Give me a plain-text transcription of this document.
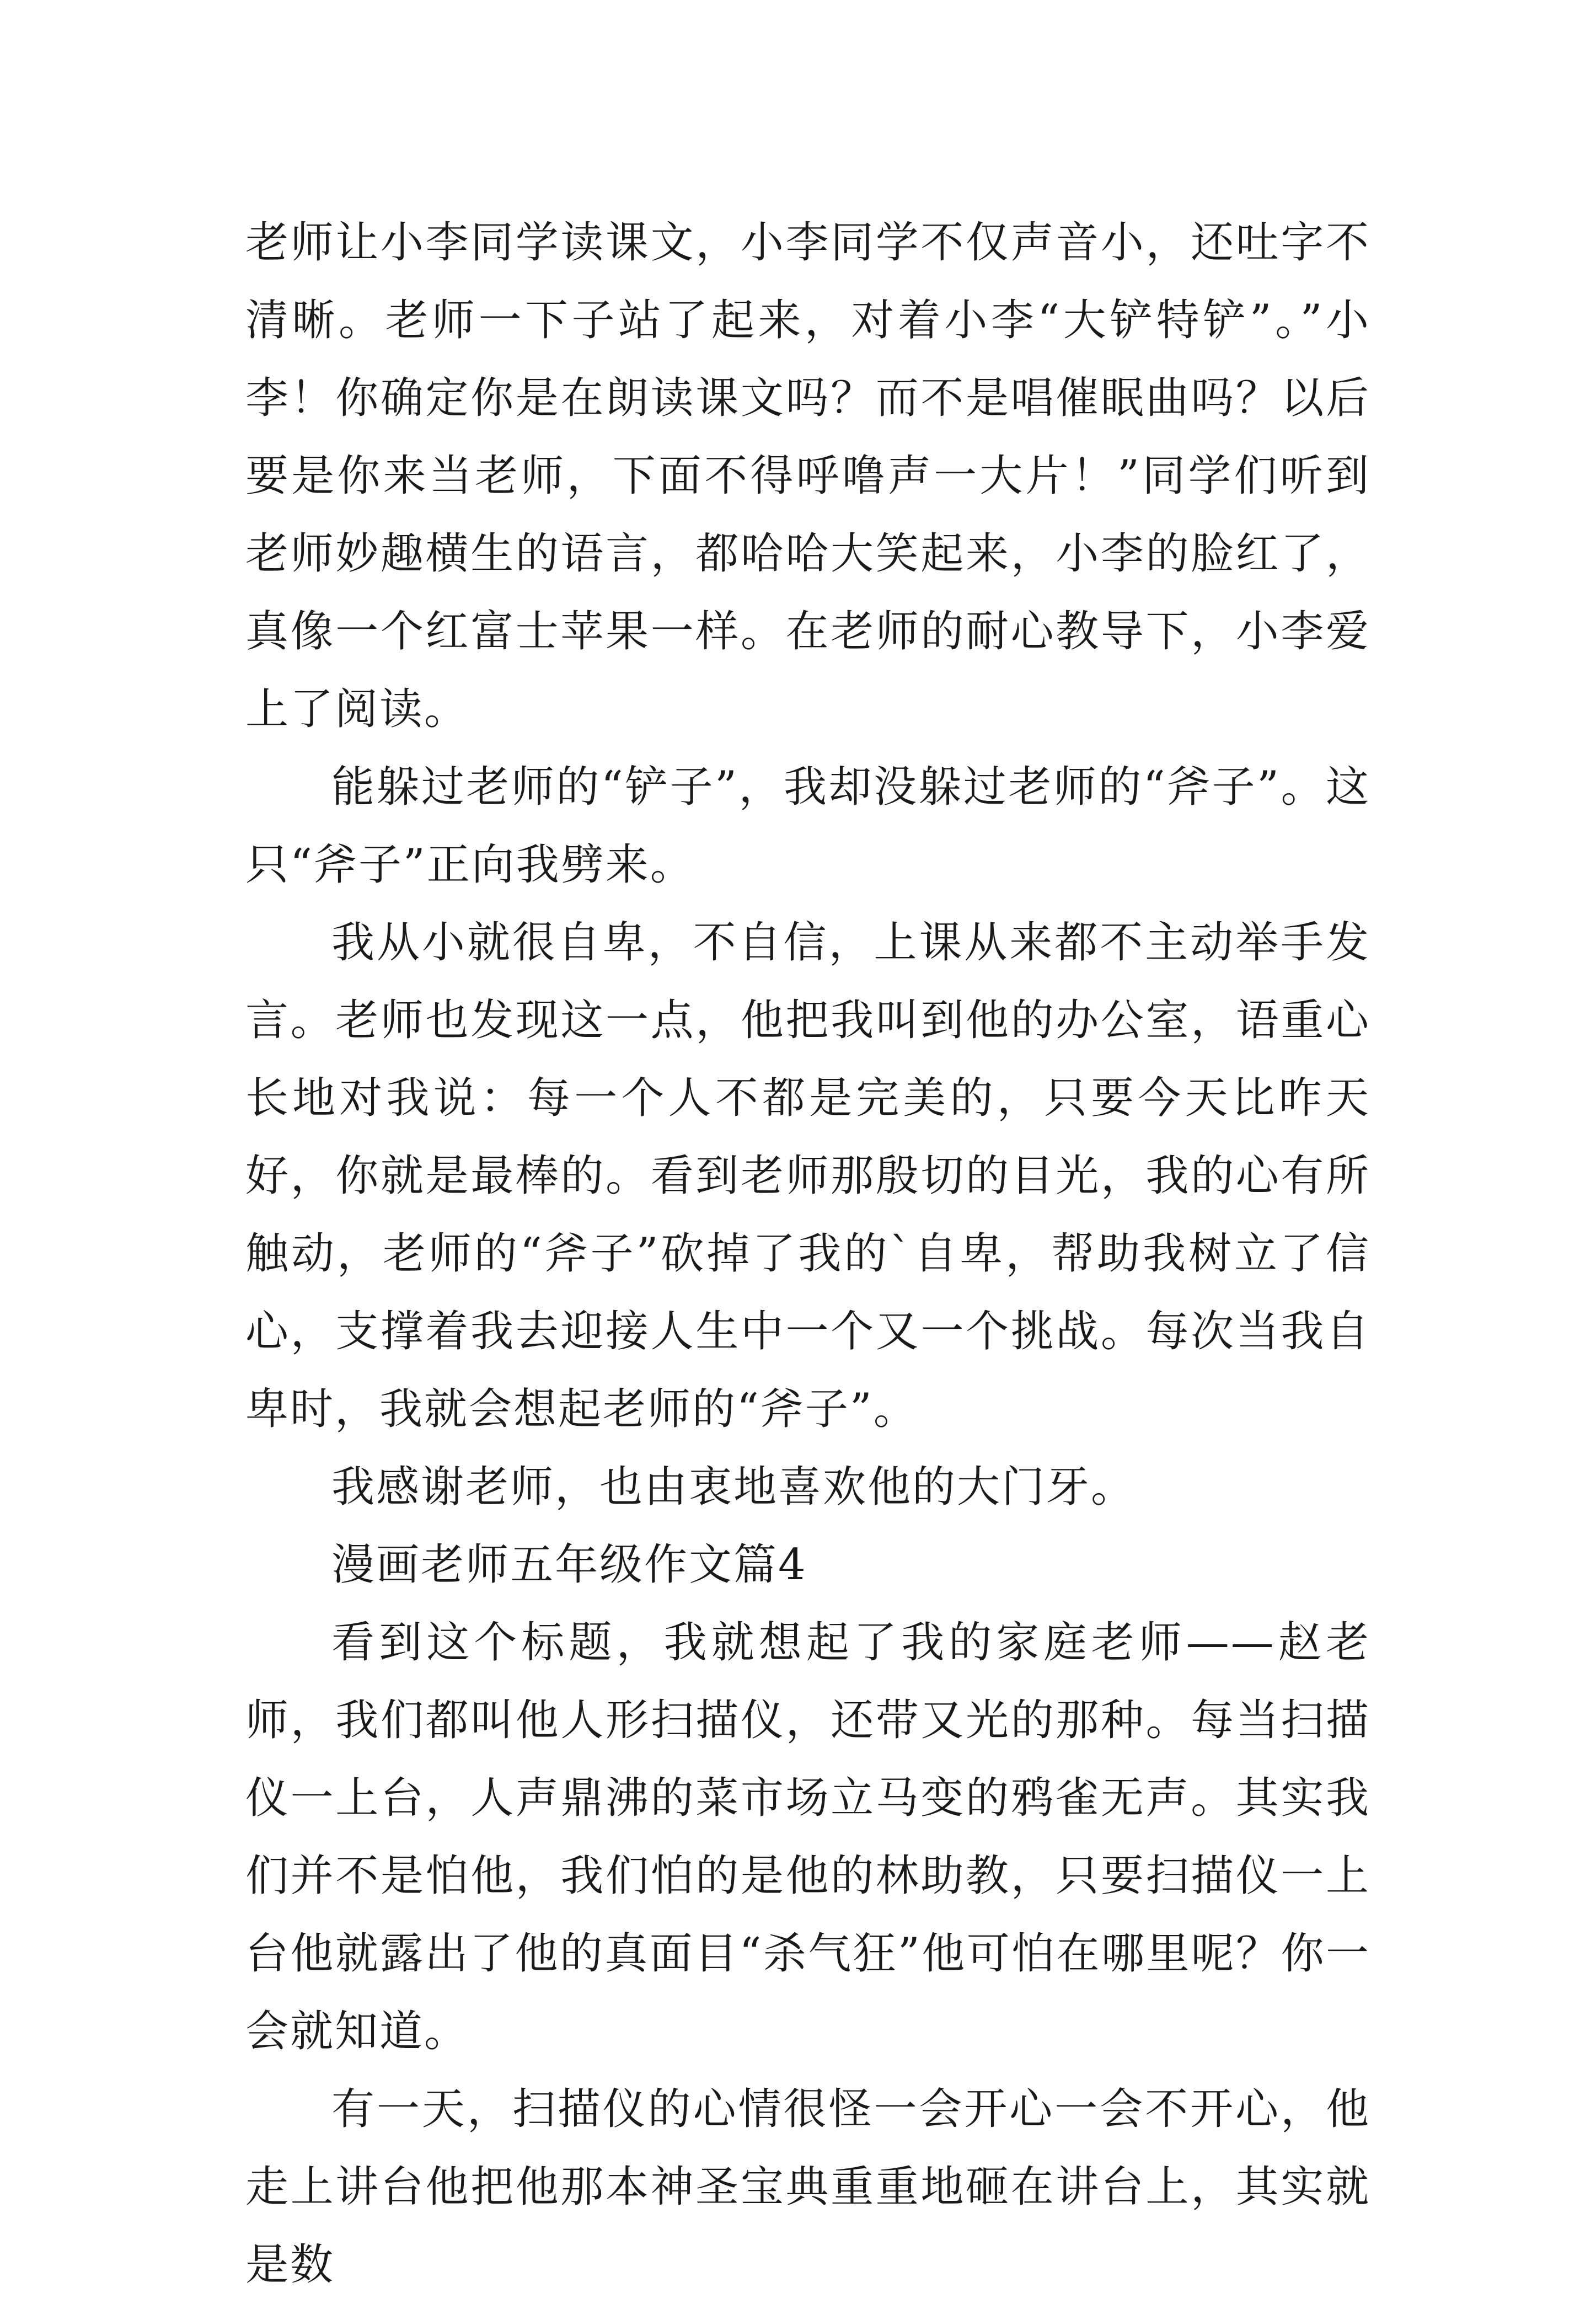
老师让小李同学读课文，小李同学不仅声音小，还吐字不清晰。老师一下子站了起来，对着小李“大铲特铲”。”小李！你确定你是在朗读课文吗？而不是唱催眠曲吗？以后要是你来当老师，下面不得呼噜声一大片！”同学们听到老师妙趣横生的语言，都哈哈大笑起来，小李的脸红了，真像一个红富士苹果一样。在老师的耐心教导下，小李爱上了阅读。

能躲过老师的“铲子”，我却没躲过老师的“斧子”。这只“斧子”正向我劈来。

我从小就很自卑，不自信，上课从来都不主动举手发言。老师也发现这一点，他把我叫到他的办公室，语重心长地对我说：每一个人不都是完美的，只要今天比昨天好，你就是最棒的。看到老师那殷切的目光，我的心有所触动，老师的“斧子”砍掉了我的`自卑，帮助我树立了信心，支撑着我去迎接人生中一个又一个挑战。每次当我自卑时，我就会想起老师的“斧子”。

我感谢老师，也由衷地喜欢他的大门牙。

漫画老师五年级作文篇4

看到这个标题，我就想起了我的家庭老师——赵老师，我们都叫他人形扫描仪，还带又光的那种。每当扫描仪一上台，人声鼎沸的菜市场立马变的鸦雀无声。其实我们并不是怕他，我们怕的是他的林助教，只要扫描仪一上台他就露出了他的真面目“杀气狂”他可怕在哪里呢？你一会就知道。

有一天，扫描仪的心情很怪一会开心一会不开心，他走上讲台他把他那本神圣宝典重重地砸在讲台上，其实就是数
